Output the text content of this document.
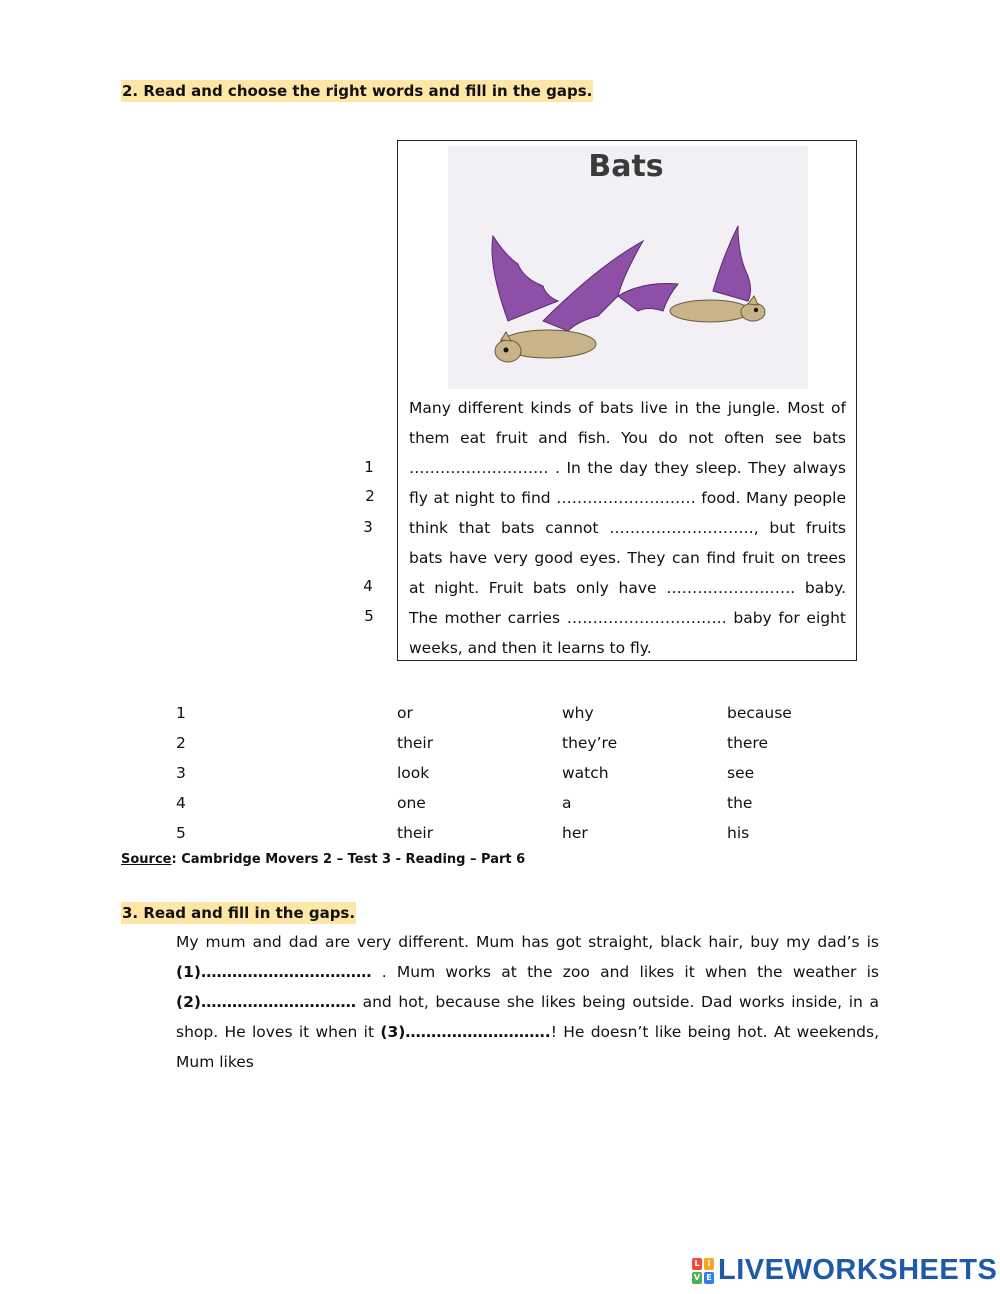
2. Read and choose the right words and fill in the gaps.
Bats

Many different kinds of bats live in the jungle. Most of them eat fruit and fish. You do not often see bats ……………………… . In the day they sleep. They always fly at night to find ……………………… food. Many people think that bats cannot ………………………., but fruits bats have very good eyes. They can find fruit on trees at night. Fruit bats only have ……………………. baby. The mother carries …………………………. baby for eight weeks, and then it learns to fly.

1
2
3
4
5
1	or	why	because
2	their	they’re	there
3	look	watch	see
4	one	a	the
5	their	her	his
Source: Cambridge Movers 2 – Test 3 - Reading – Part 6
3. Read and fill in the gaps.

My mum and dad are very different. Mum has got straight, black hair, buy my dad’s is (1)…………………………… . Mum works at the zoo and likes it when the weather is (2)………………………… and hot, because she likes being outside. Dad works inside, in a shop. He loves it when it (3)……………………….! He doesn’t like being hot. At weekends, Mum likes

L I
V E LIVEWORKSHEETS
